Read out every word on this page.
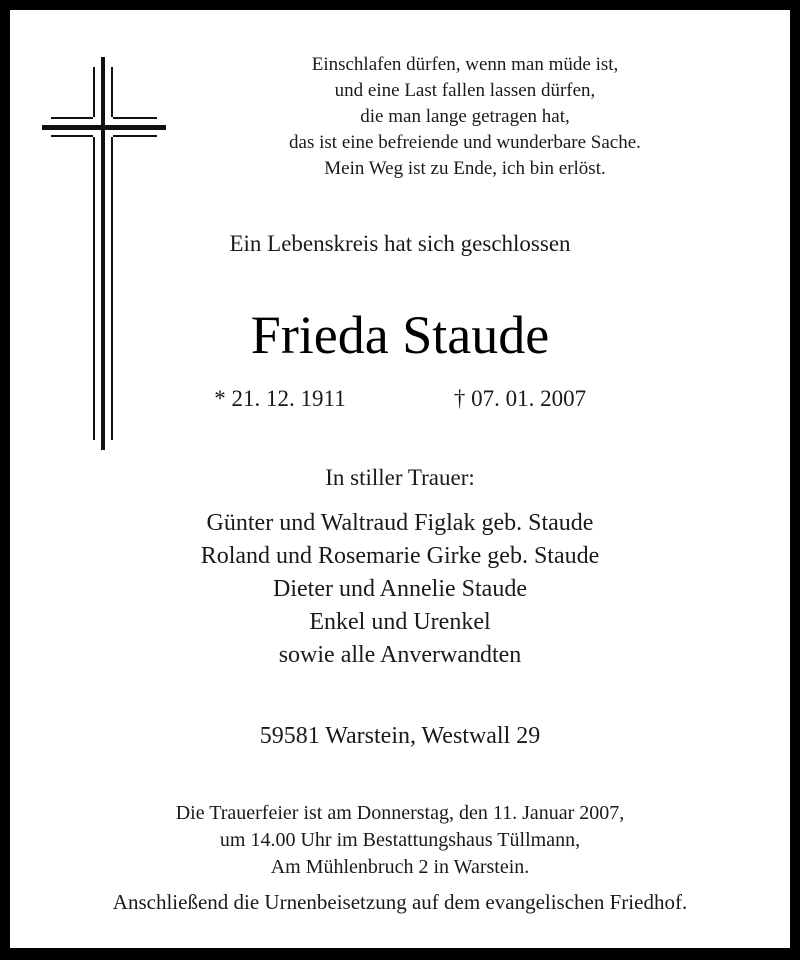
Einschlafen dürfen, wenn man müde ist,
und eine Last fallen lassen dürfen,
die man lange getragen hat,
das ist eine befreiende und wunderbare Sache.
Mein Weg ist zu Ende, ich bin erlöst.
Ein Lebenskreis hat sich geschlossen
Frieda Staude
* 21. 12. 1911	† 07. 01. 2007
In stiller Trauer:
Günter und Waltraud Figlak geb. Staude
Roland und Rosemarie Girke geb. Staude
Dieter und Annelie Staude
Enkel und Urenkel
sowie alle Anverwandten
59581 Warstein, Westwall 29
Die Trauerfeier ist am Donnerstag, den 11. Januar 2007,
um 14.00 Uhr im Bestattungshaus Tüllmann,
Am Mühlenbruch 2 in Warstein.
Anschließend die Urnenbeisetzung auf dem evangelischen Friedhof.
